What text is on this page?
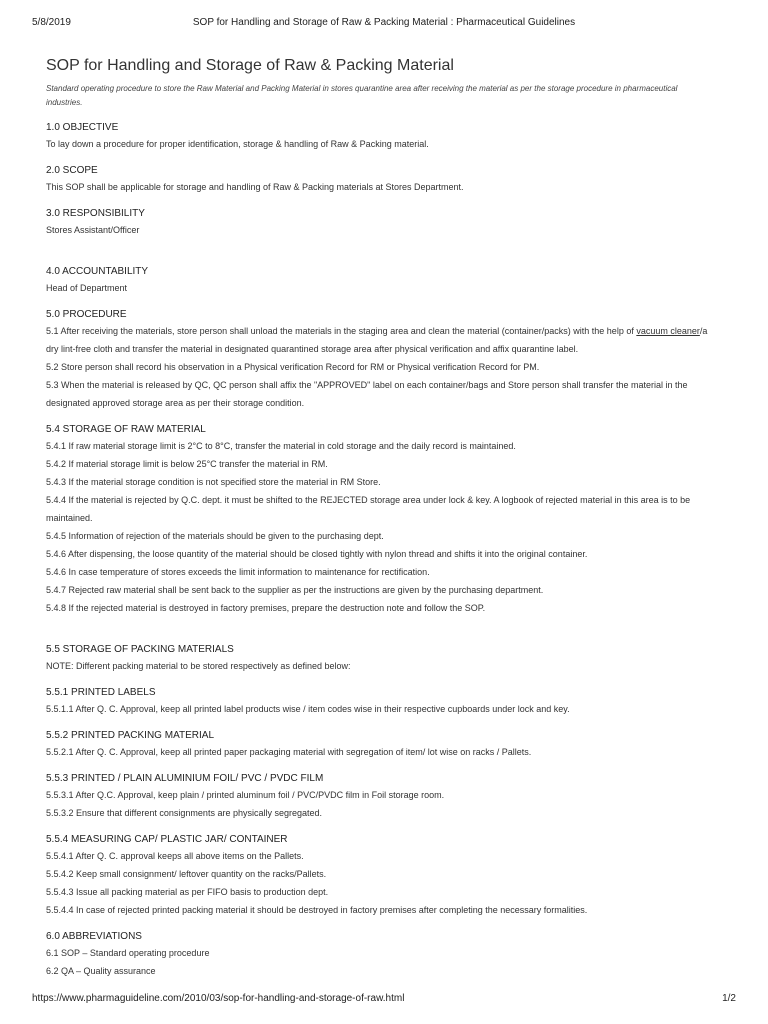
5/8/2019	SOP for Handling and Storage of Raw & Packing Material : Pharmaceutical Guidelines
SOP for Handling and Storage of Raw & Packing Material

Standard operating procedure to store the Raw Material and Packing Material in stores quarantine area after receiving the material as per the storage procedure in pharmaceutical industries.

1.0 OBJECTIVE

To lay down a procedure for proper identification, storage & handling of Raw & Packing material.

2.0 SCOPE

This SOP shall be applicable for storage and handling of Raw & Packing materials at Stores Department.

3.0 RESPONSIBILITY

Stores Assistant/Officer

4.0 ACCOUNTABILITY

Head of Department

5.0 PROCEDURE

5.1 After receiving the materials, store person shall unload the materials in the staging area and clean the material (container/packs) with the help of vacuum cleaner/a dry lint-free cloth and transfer the material in designated quarantined storage area after physical verification and affix quarantine label.

5.2 Store person shall record his observation in a Physical verification Record for RM or Physical verification Record for PM.

5.3 When the material is released by QC, QC person shall affix the "APPROVED" label on each container/bags and Store person shall transfer the material in the designated approved storage area as per their storage condition.

5.4 STORAGE OF RAW MATERIAL

5.4.1 If raw material storage limit is 2°C to 8°C, transfer the material in cold storage and the daily record is maintained.

5.4.2 If material storage limit is below 25°C transfer the material in RM.

5.4.3 If the material storage condition is not specified store the material in RM Store.

5.4.4 If the material is rejected by Q.C. dept. it must be shifted to the REJECTED storage area under lock & key. A logbook of rejected material in this area is to be maintained.

5.4.5 Information of rejection of the materials should be given to the purchasing dept.

5.4.6 After dispensing, the loose quantity of the material should be closed tightly with nylon thread and shifts it into the original container.

5.4.6 In case temperature of stores exceeds the limit information to maintenance for rectification.

5.4.7 Rejected raw material shall be sent back to the supplier as per the instructions are given by the purchasing department.

5.4.8 If the rejected material is destroyed in factory premises, prepare the destruction note and follow the SOP.

5.5 STORAGE OF PACKING MATERIALS

NOTE: Different packing material to be stored respectively as defined below:

5.5.1 PRINTED LABELS

5.5.1.1 After Q. C. Approval, keep all printed label products wise / item codes wise in their respective cupboards under lock and key.

5.5.2 PRINTED PACKING MATERIAL

5.5.2.1 After Q. C. Approval, keep all printed paper packaging material with segregation of item/ lot wise on racks / Pallets.

5.5.3 PRINTED / PLAIN ALUMINIUM FOIL/ PVC / PVDC FILM

5.5.3.1 After Q.C. Approval, keep plain / printed aluminum foil / PVC/PVDC film in Foil storage room.

5.5.3.2 Ensure that different consignments are physically segregated.

5.5.4 MEASURING CAP/ PLASTIC JAR/ CONTAINER

5.5.4.1 After Q. C. approval keeps all above items on the Pallets.

5.5.4.2 Keep small consignment/ leftover quantity on the racks/Pallets.

5.5.4.3 Issue all packing material as per FIFO basis to production dept.

5.5.4.4 In case of rejected printed packing material it should be destroyed in factory premises after completing the necessary formalities.

6.0 ABBREVIATIONS

6.1 SOP – Standard operating procedure

6.2 QA – Quality assurance

https://www.pharmaguideline.com/2010/03/sop-for-handling-and-storage-of-raw.html	1/2
